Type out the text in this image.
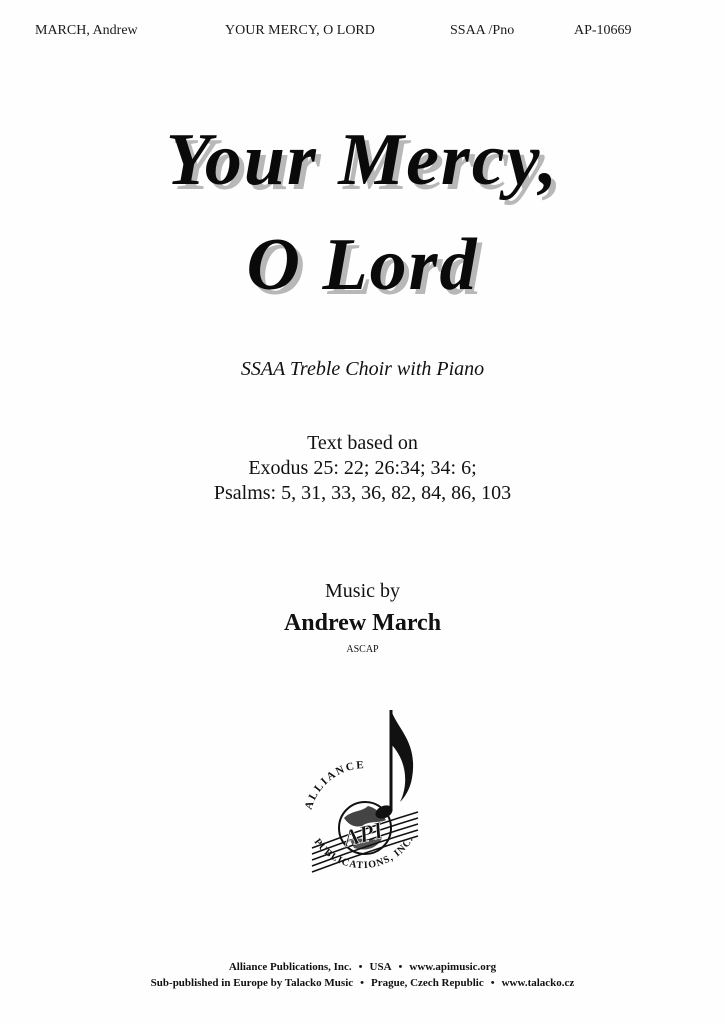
MARCH, Andrew	YOUR MERCY, O LORD	SSAA /Pno	AP-10669
Your Mercy,
O Lord
SSAA Treble Choir with Piano
Text based on
Exodus 25: 22; 26:34; 34: 6;
Psalms: 5, 31, 33, 36, 82, 84, 86, 103
Music by
Andrew March
ASCAP
API
ALLIANCE
PUBLICATIONS, INC.
Alliance Publications, Inc. • USA • www.apimusic.org
Sub-published in Europe by Talacko Music • Prague, Czech Republic • www.talacko.cz
